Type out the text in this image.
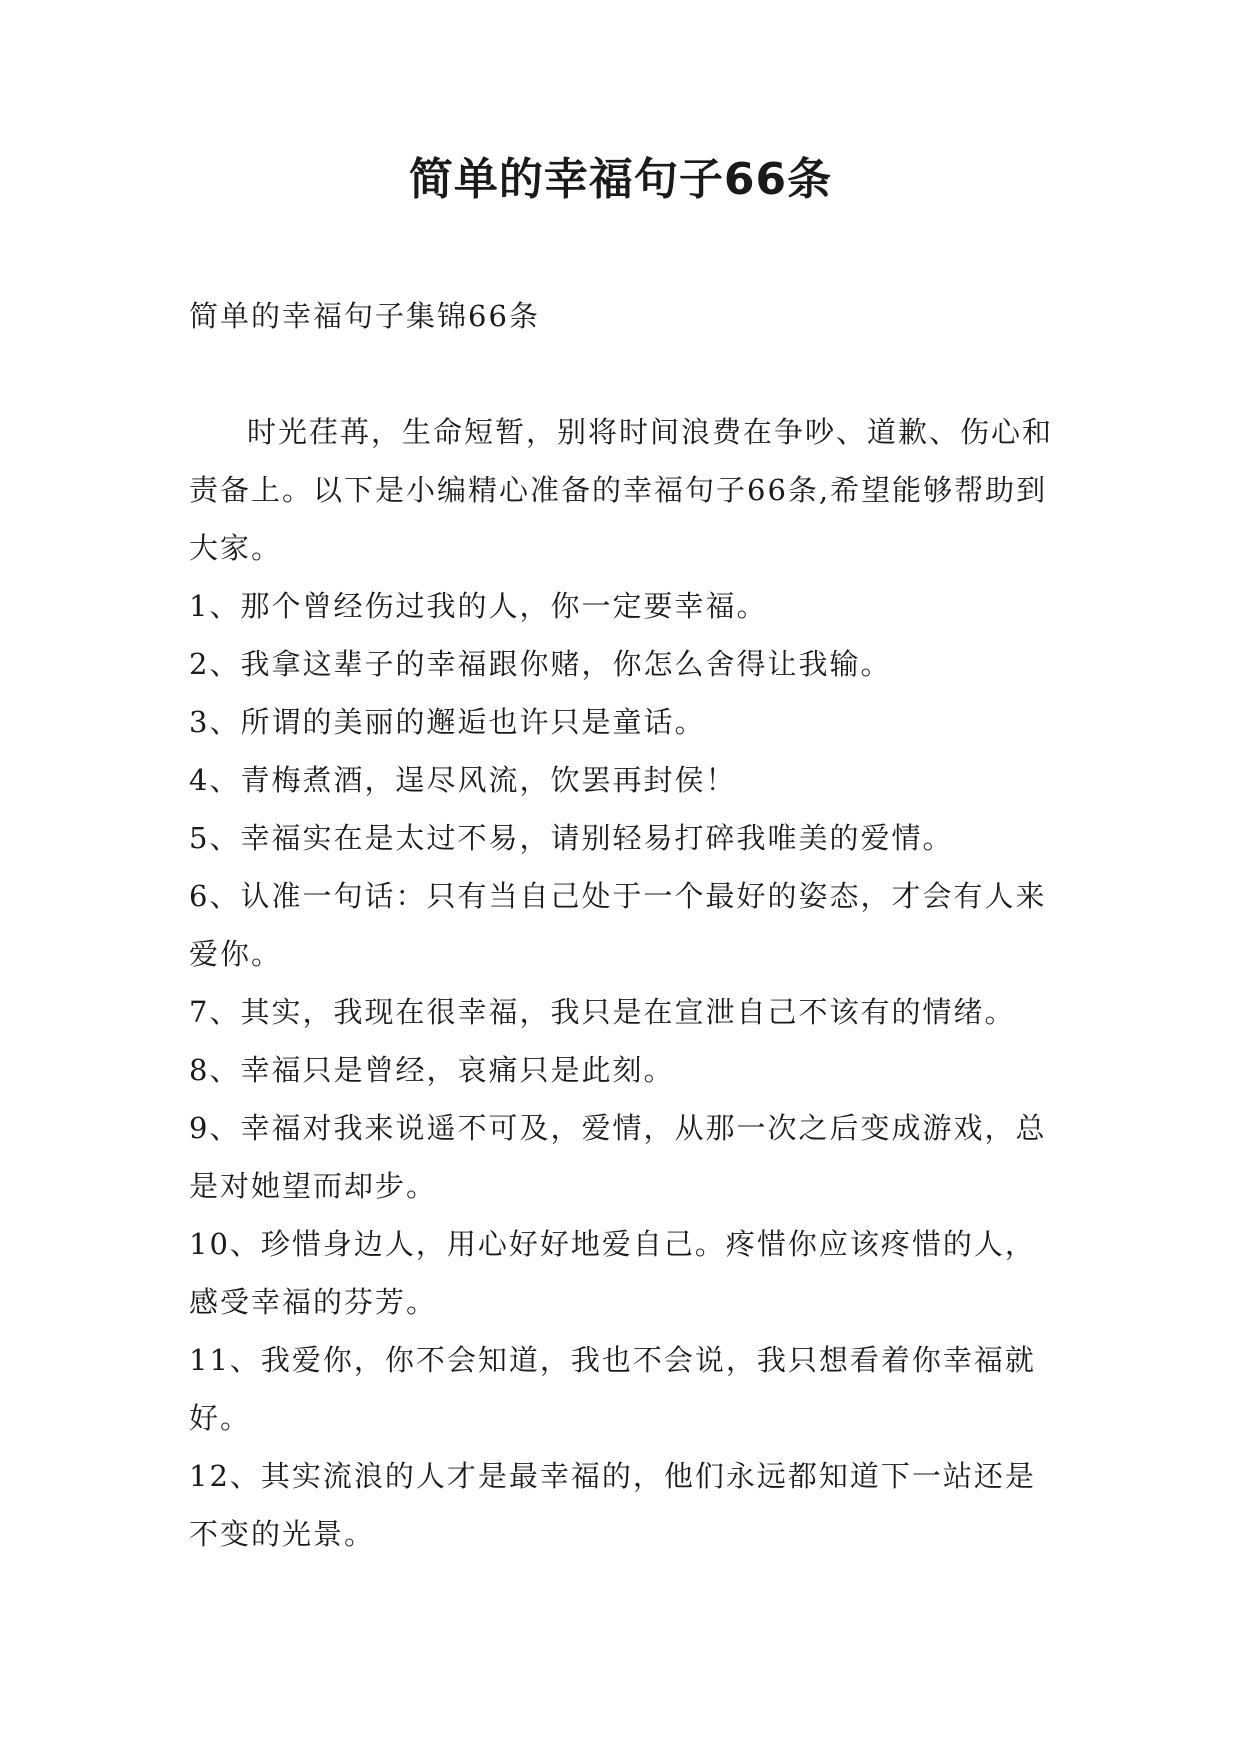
简单的幸福句子66条

简单的幸福句子集锦66条

时光荏苒，生命短暂，别将时间浪费在争吵、道歉、伤心和责备上。以下是小编精心准备的幸福句子66条,希望能够帮助到大家。

1、那个曾经伤过我的人，你一定要幸福。

2、我拿这辈子的幸福跟你赌，你怎么舍得让我输。

3、所谓的美丽的邂逅也许只是童话。

4、青梅煮酒，逞尽风流，饮罢再封侯！

5、幸福实在是太过不易，请别轻易打碎我唯美的爱情。

6、认准一句话：只有当自己处于一个最好的姿态，才会有人来爱你。

7、其实，我现在很幸福，我只是在宣泄自己不该有的情绪。

8、幸福只是曾经，哀痛只是此刻。

9、幸福对我来说遥不可及，爱情，从那一次之后变成游戏，总是对她望而却步。

10、珍惜身边人，用心好好地爱自己。疼惜你应该疼惜的人，感受幸福的芬芳。

11、我爱你，你不会知道，我也不会说，我只想看着你幸福就好。

12、其实流浪的人才是最幸福的，他们永远都知道下一站还是不变的光景。
